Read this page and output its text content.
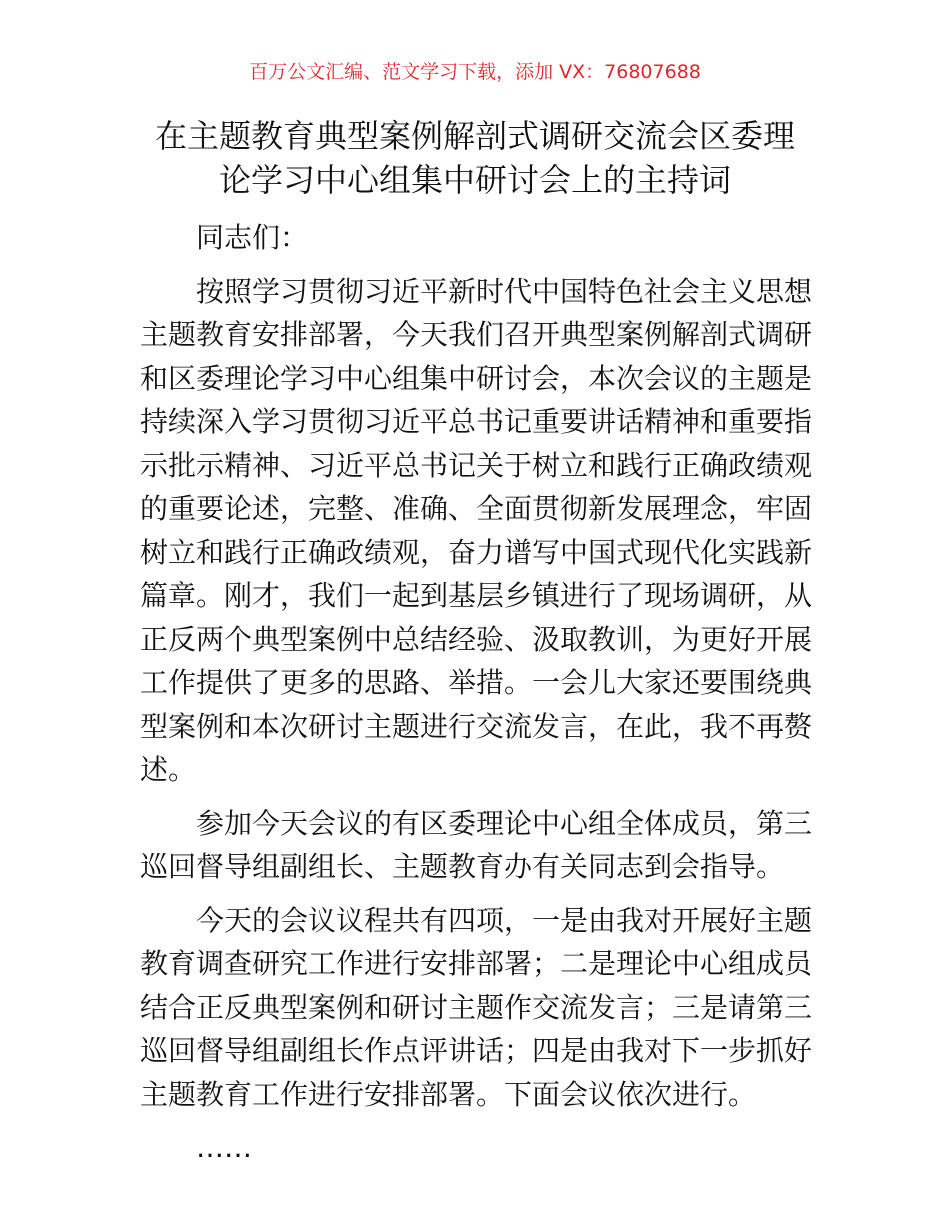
百万公文汇编、范文学习下载，添加 VX：76807688
在主题教育典型案例解剖式调研交流会区委理
论学习中心组集中研讨会上的主持词

同志们：

按照学习贯彻习近平新时代中国特色社会主义思想主题教育安排部署，今天我们召开典型案例解剖式调研和区委理论学习中心组集中研讨会，本次会议的主题是持续深入学习贯彻习近平总书记重要讲话精神和重要指示批示精神、习近平总书记关于树立和践行正确政绩观的重要论述，完整、准确、全面贯彻新发展理念，牢固树立和践行正确政绩观，奋力谱写中国式现代化实践新篇章。刚才，我们一起到基层乡镇进行了现场调研，从正反两个典型案例中总结经验、汲取教训，为更好开展工作提供了更多的思路、举措。一会儿大家还要围绕典型案例和本次研讨主题进行交流发言，在此，我不再赘述。

参加今天会议的有区委理论中心组全体成员，第三巡回督导组副组长、主题教育办有关同志到会指导。

今天的会议议程共有四项，一是由我对开展好主题教育调查研究工作进行安排部署；二是理论中心组成员结合正反典型案例和研讨主题作交流发言；三是请第三巡回督导组副组长作点评讲话；四是由我对下一步抓好主题教育工作进行安排部署。下面会议依次进行。

……
